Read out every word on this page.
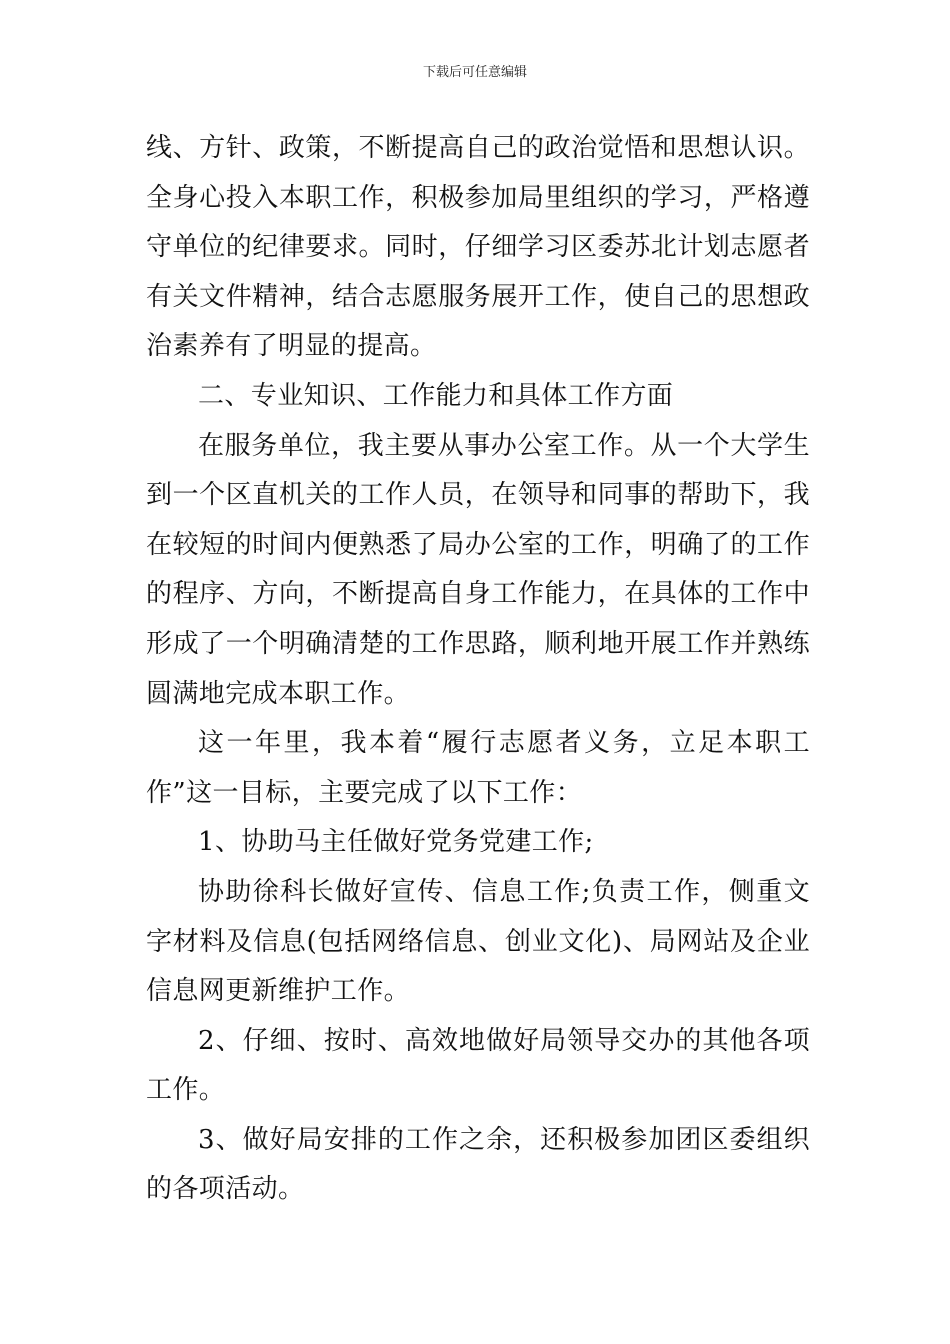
下载后可任意编辑

线、方针、政策，不断提高自己的政治觉悟和思想认识。全身心投入本职工作，积极参加局里组织的学习，严格遵守单位的纪律要求。同时，仔细学习区委苏北计划志愿者有关文件精神，结合志愿服务展开工作，使自己的思想政治素养有了明显的提高。

二、专业知识、工作能力和具体工作方面

在服务单位，我主要从事办公室工作。从一个大学生到一个区直机关的工作人员，在领导和同事的帮助下，我在较短的时间内便熟悉了局办公室的工作，明确了的工作的程序、方向，不断提高自身工作能力，在具体的工作中形成了一个明确清楚的工作思路，顺利地开展工作并熟练圆满地完成本职工作。

这一年里，我本着“履行志愿者义务，立足本职工作”这一目标，主要完成了以下工作：

1、协助马主任做好党务党建工作;

协助徐科长做好宣传、信息工作;负责工作，侧重文字材料及信息(包括网络信息、创业文化)、局网站及企业信息网更新维护工作。

2、仔细、按时、高效地做好局领导交办的其他各项工作。

3、做好局安排的工作之余，还积极参加团区委组织的各项活动。
